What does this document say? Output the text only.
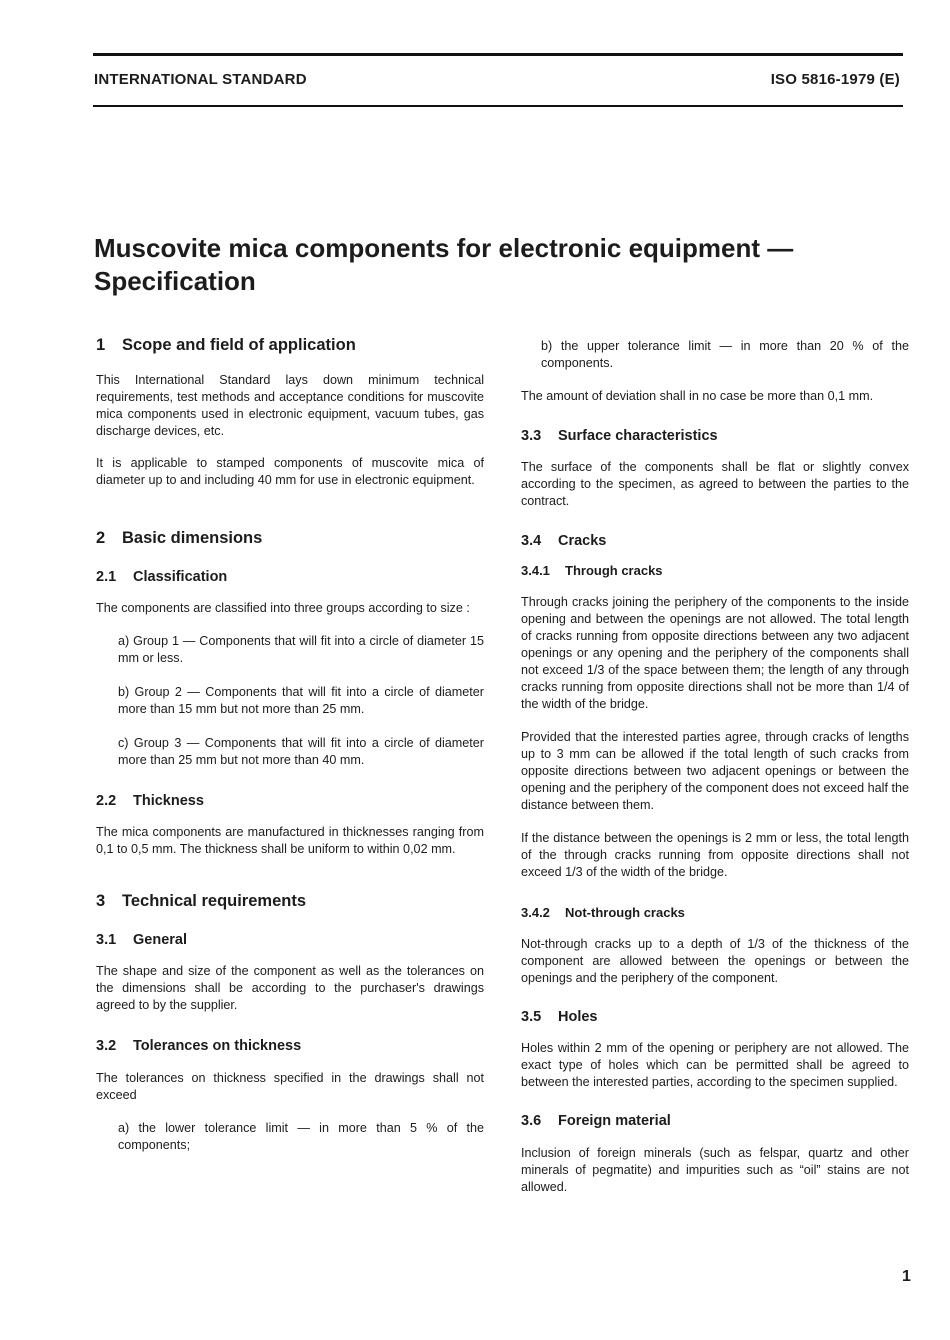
INTERNATIONAL STANDARD	ISO 5816-1979 (E)
Muscovite mica components for electronic equipment —
Specification
1 Scope and field of application

This International Standard lays down minimum technical requirements, test methods and acceptance conditions for muscovite mica components used in electronic equipment, vacuum tubes, gas discharge devices, etc.

It is applicable to stamped components of muscovite mica of diameter up to and including 40 mm for use in electronic equipment.

2 Basic dimensions
2.1 Classification

The components are classified into three groups according to size :

a) Group 1 — Components that will fit into a circle of diameter 15 mm or less.

b) Group 2 — Components that will fit into a circle of diameter more than 15 mm but not more than 25 mm.

c) Group 3 — Components that will fit into a circle of diameter more than 25 mm but not more than 40 mm.

2.2 Thickness

The mica components are manufactured in thicknesses ranging from 0,1 to 0,5 mm. The thickness shall be uniform to within 0,02 mm.

3 Technical requirements
3.1 General

The shape and size of the component as well as the tolerances on the dimensions shall be according to the purchaser's drawings agreed to by the supplier.

3.2 Tolerances on thickness

The tolerances on thickness specified in the drawings shall not exceed

a) the lower tolerance limit — in more than 5 % of the components;

b) the upper tolerance limit — in more than 20 % of the components.

The amount of deviation shall in no case be more than 0,1 mm.

3.3 Surface characteristics

The surface of the components shall be flat or slightly convex according to the specimen, as agreed to between the parties to the contract.

3.4 Cracks
3.4.1 Through cracks

Through cracks joining the periphery of the components to the inside opening and between the openings are not allowed. The total length of cracks running from opposite directions between any two adjacent openings or any opening and the periphery of the components shall not exceed 1/3 of the space between them; the length of any through cracks running from opposite directions shall not be more than 1/4 of the width of the bridge.

Provided that the interested parties agree, through cracks of lengths up to 3 mm can be allowed if the total length of such cracks from opposite directions between two adjacent openings or between the opening and the periphery of the component does not exceed half the distance between them.

If the distance between the openings is 2 mm or less, the total length of the through cracks running from opposite directions shall not exceed 1/3 of the width of the bridge.

3.4.2 Not-through cracks

Not-through cracks up to a depth of 1/3 of the thickness of the component are allowed between the openings or between the openings and the periphery of the component.

3.5 Holes

Holes within 2 mm of the opening or periphery are not allowed. The exact type of holes which can be permitted shall be agreed to between the interested parties, according to the specimen supplied.

3.6 Foreign material

Inclusion of foreign minerals (such as felspar, quartz and other minerals of pegmatite) and impurities such as “oil” stains are not allowed.

1
